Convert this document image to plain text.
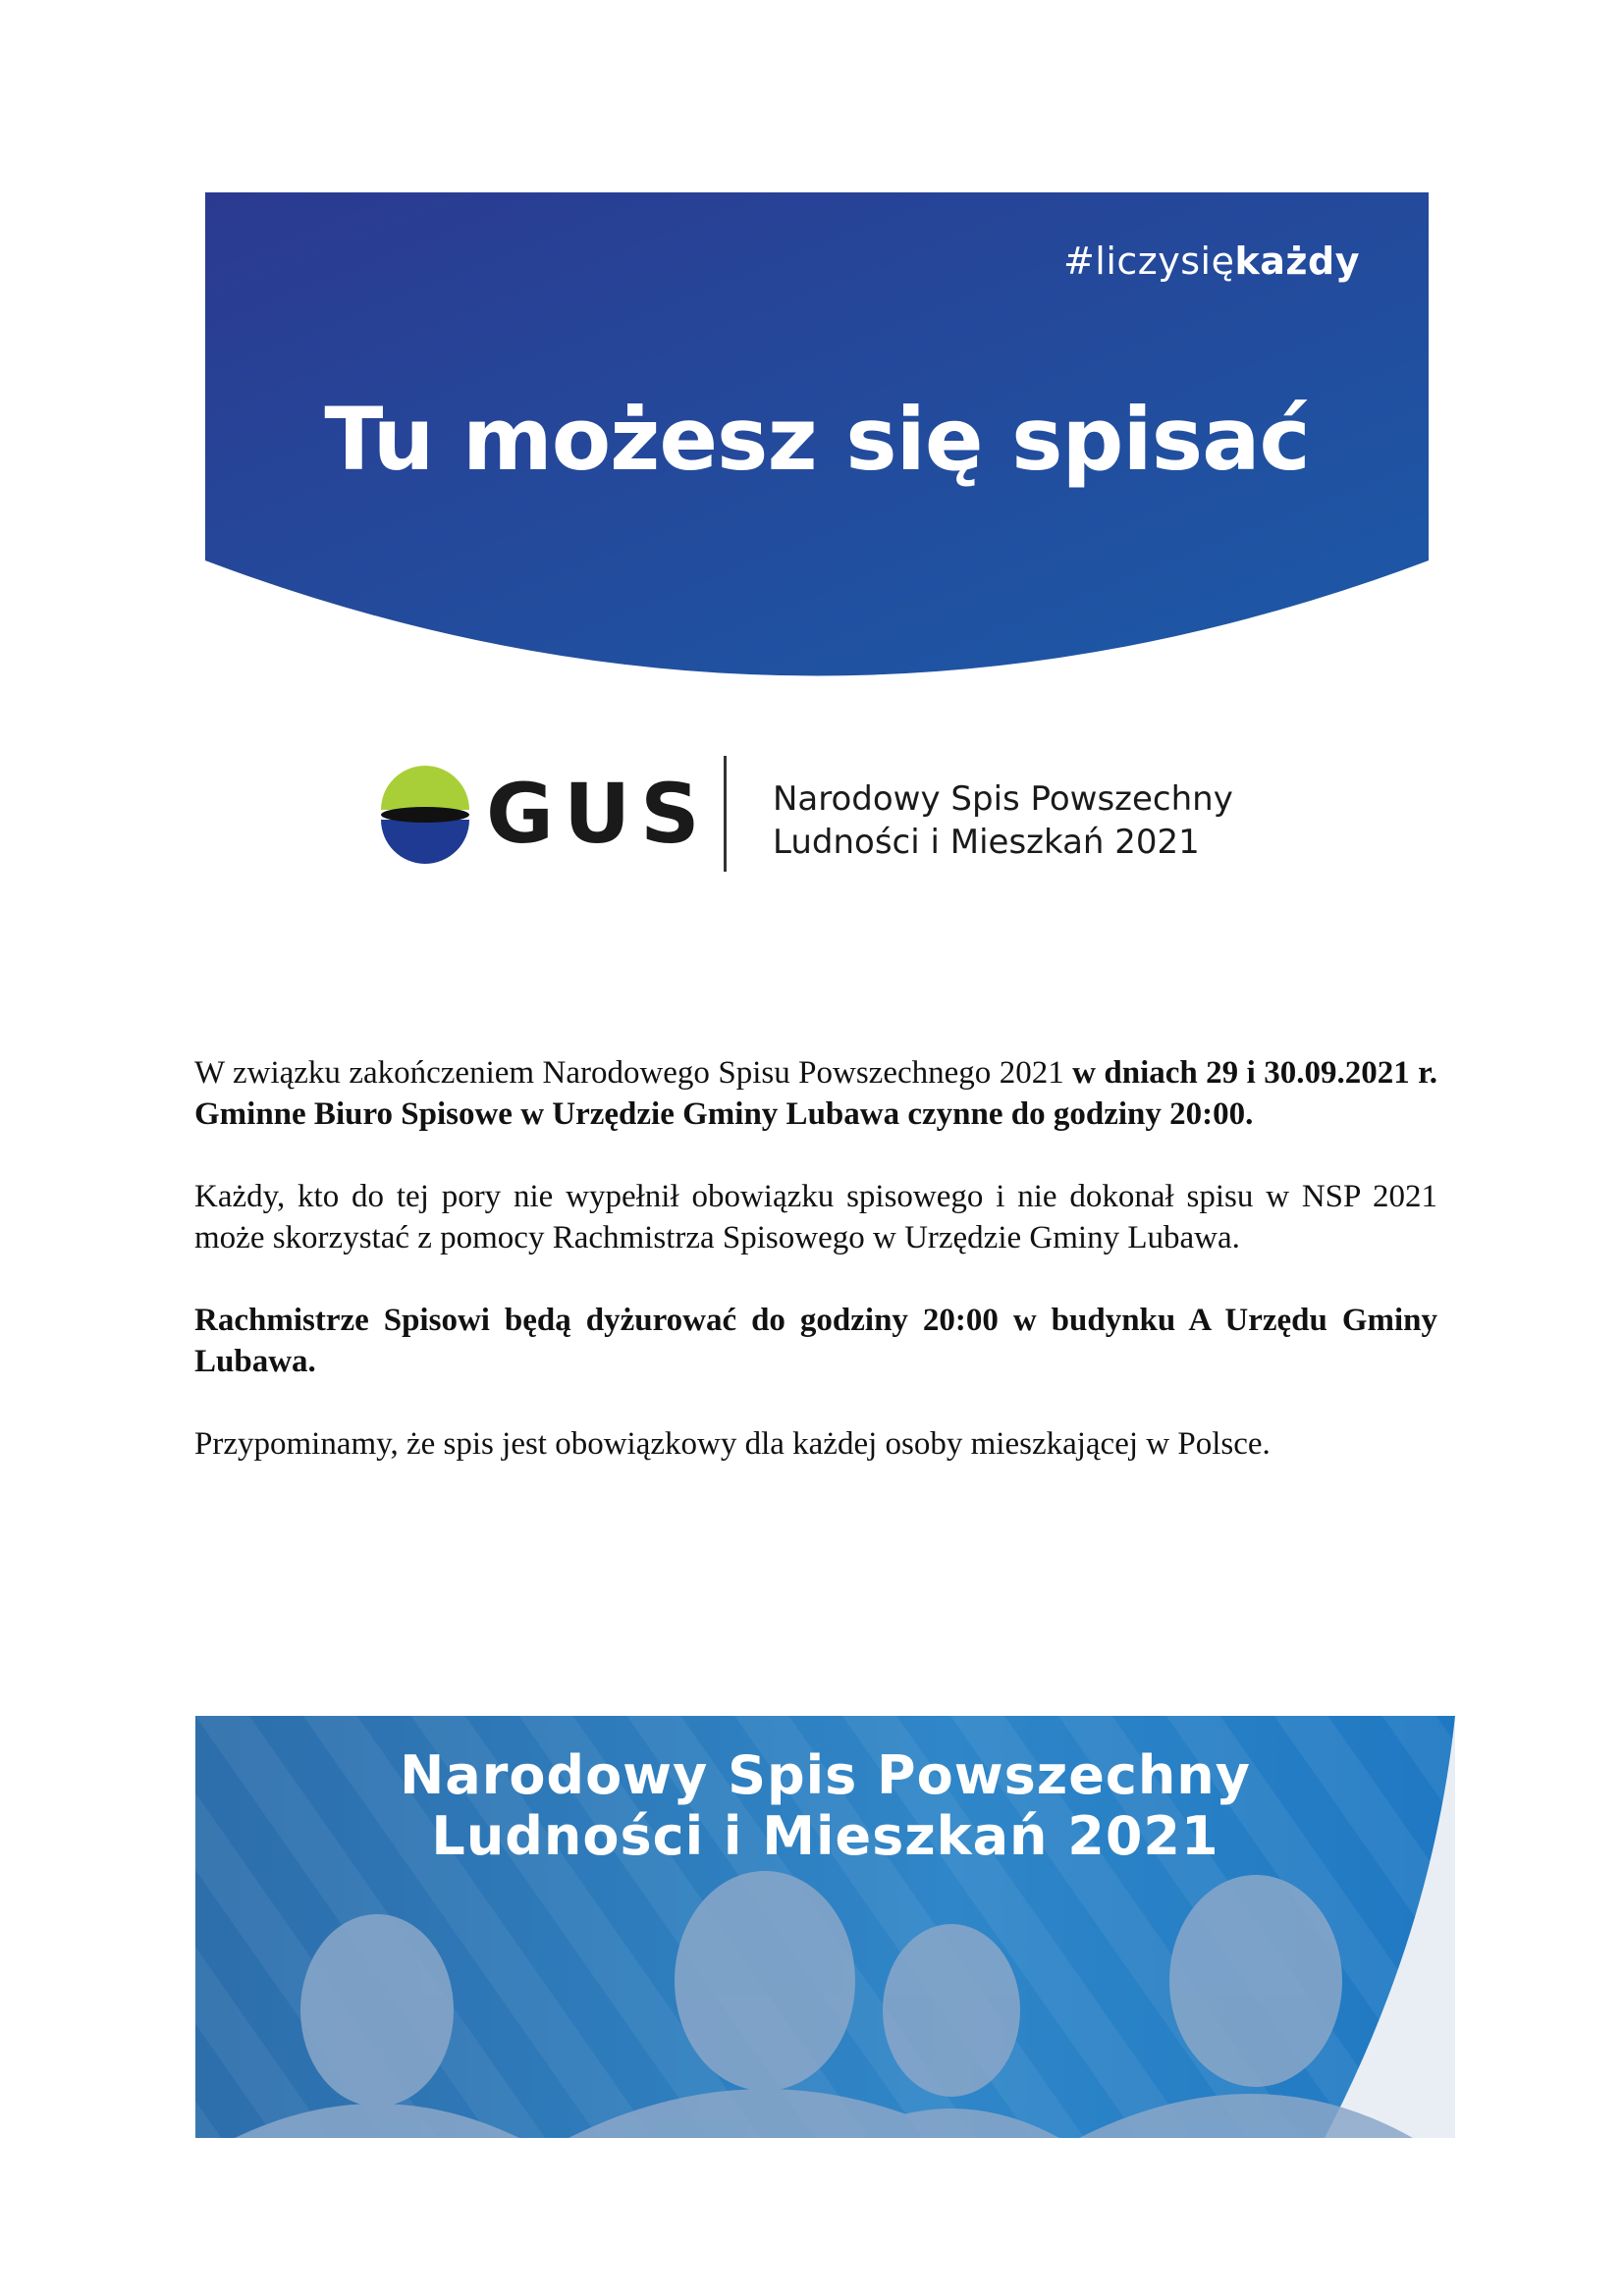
#liczysiękażdy
Tu możesz się spisać
GUS Narodowy Spis Powszechny
Ludności i Mieszkań 2021

W związku zakończeniem Narodowego Spisu Powszechnego 2021 w dniach 29 i 30.09.2021 r. Gminne Biuro Spisowe w Urzędzie Gminy Lubawa czynne do godziny 20:00.

Każdy, kto do tej pory nie wypełnił obowiązku spisowego i nie dokonał spisu w NSP 2021 może skorzystać z pomocy Rachmistrza Spisowego w Urzędzie Gminy Lubawa.

Rachmistrze Spisowi będą dyżurować do godziny 20:00 w budynku A Urzędu Gminy Lubawa.

Przypominamy, że spis jest obowiązkowy dla każdej osoby mieszkającej w Polsce.

Narodowy Spis Powszechny
Ludności i Mieszkań 2021
